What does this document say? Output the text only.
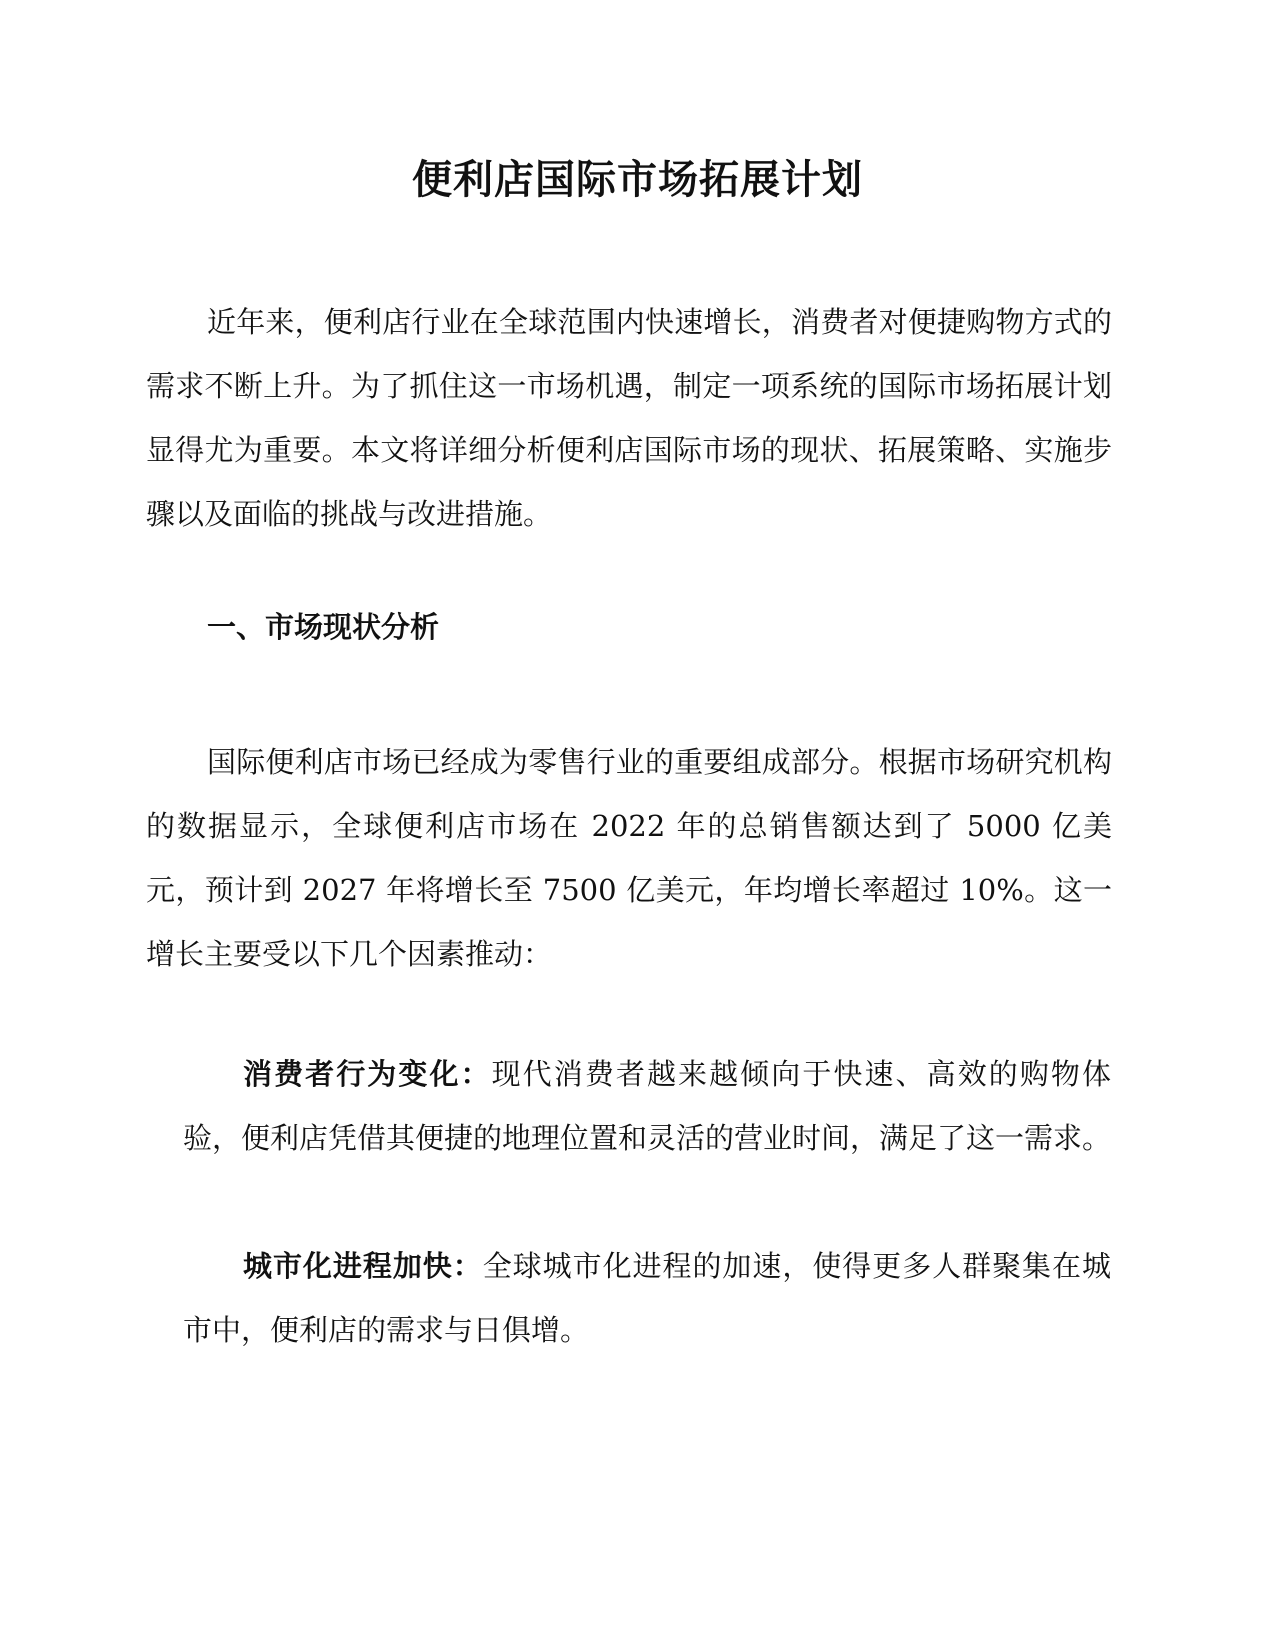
便利店国际市场拓展计划

近年来，便利店行业在全球范围内快速增长，消费者对便捷购物方式的需求不断上升。为了抓住这一市场机遇，制定一项系统的国际市场拓展计划显得尤为重要。本文将详细分析便利店国际市场的现状、拓展策略、实施步骤以及面临的挑战与改进措施。

一、市场现状分析

国际便利店市场已经成为零售行业的重要组成部分。根据市场研究机构的数据显示，全球便利店市场在 2022 年的总销售额达到了 5000 亿美元，预计到 2027 年将增长至 7500 亿美元，年均增长率超过 10%。这一增长主要受以下几个因素推动：

消费者行为变化：现代消费者越来越倾向于快速、高效的购物体验，便利店凭借其便捷的地理位置和灵活的营业时间，满足了这一需求。

城市化进程加快：全球城市化进程的加速，使得更多人群聚集在城市中，便利店的需求与日俱增。
